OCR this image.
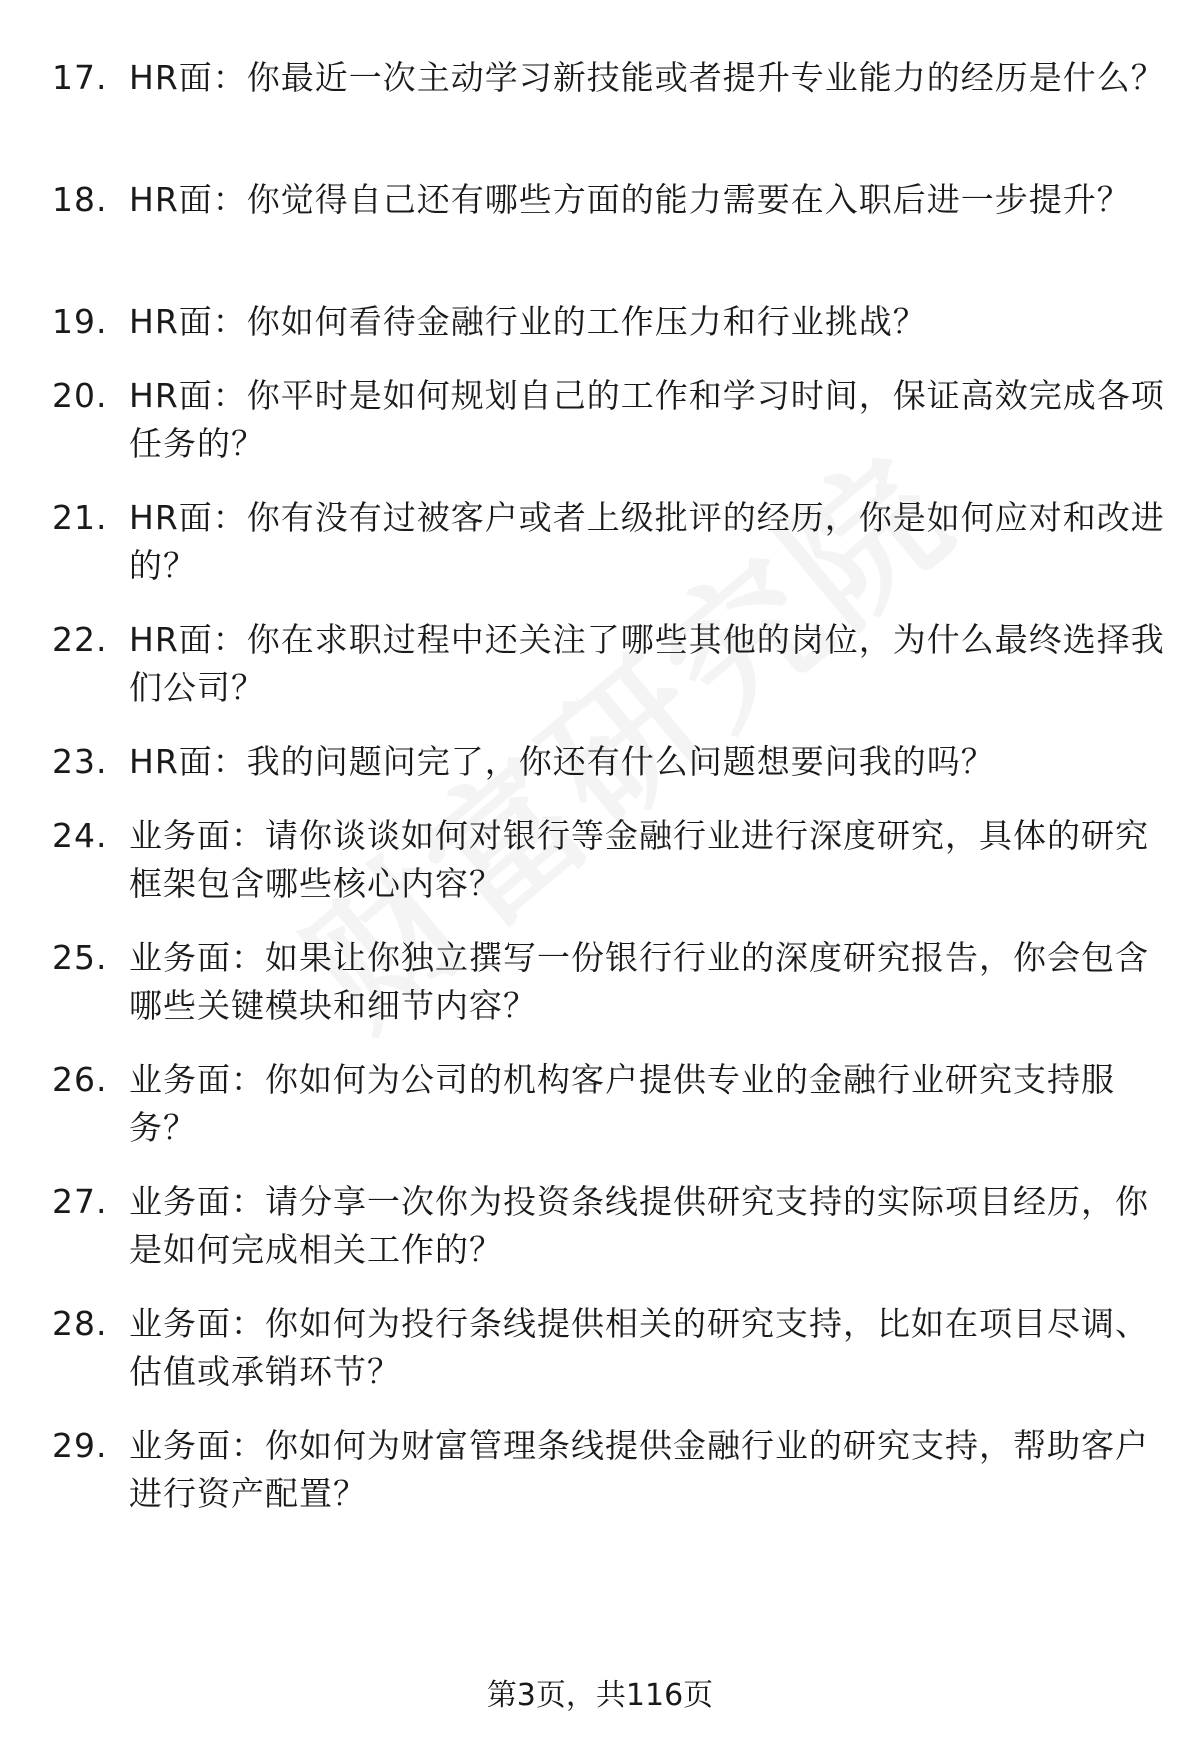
17. HR面：你最近一次主动学习新技能或者提升专业能力的经历是什么？
18. HR面：你觉得自己还有哪些方面的能力需要在入职后进一步提升？
19. HR面：你如何看待金融行业的工作压力和行业挑战？
20. HR面：你平时是如何规划自己的工作和学习时间，保证高效完成各项任务的？
21. HR面：你有没有过被客户或者上级批评的经历，你是如何应对和改进的？
22. HR面：你在求职过程中还关注了哪些其他的岗位，为什么最终选择我们公司？
23. HR面：我的问题问完了，你还有什么问题想要问我的吗？
24. 业务面：请你谈谈如何对银行等金融行业进行深度研究，具体的研究框架包含哪些核心内容？
25. 业务面：如果让你独立撰写一份银行行业的深度研究报告，你会包含哪些关键模块和细节内容？
26. 业务面：你如何为公司的机构客户提供专业的金融行业研究支持服务？
27. 业务面：请分享一次你为投资条线提供研究支持的实际项目经历，你是如何完成相关工作的？
28. 业务面：你如何为投行条线提供相关的研究支持，比如在项目尽调、估值或承销环节？
29. 业务面：你如何为财富管理条线提供金融行业的研究支持，帮助客户进行资产配置？
第3页，共116页
